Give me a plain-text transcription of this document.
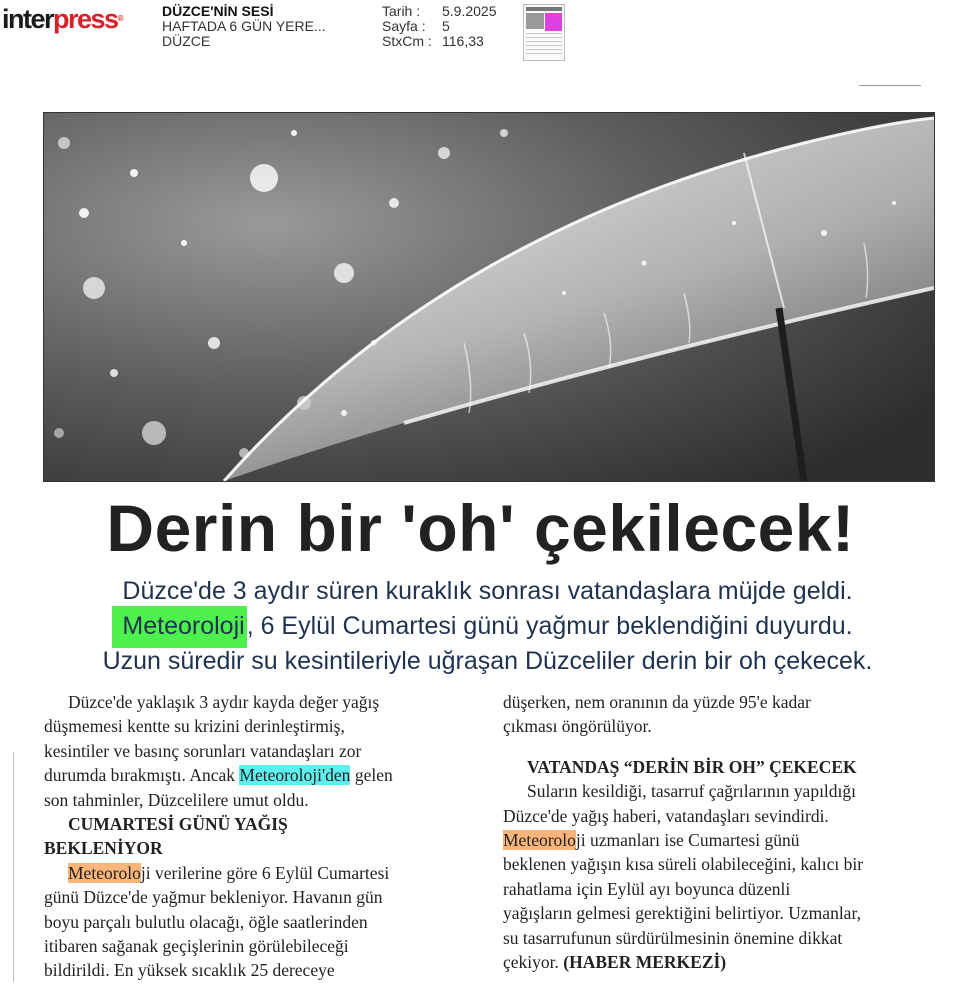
interpress®	DÜZCE'NİN SESİ
HAFTADA 6 GÜN YERE...
DÜZCE
Tarih :	5.9.2025
Sayfa :	5
StxCm : 116,33
Derin bir 'oh' çekilecek!
Düzce'de 3 aydır süren kuraklık sonrası vatandaşlara müjde geldi.
Meteoroloji, 6 Eylül Cumartesi günü yağmur beklendiğini duyurdu.
Uzun süredir su kesintileriyle uğraşan Düzceliler derin bir oh çekecek.
Düzce'de yaklaşık 3 aydır kayda değer yağış
düşmemesi kentte su krizini derinleştirmiş,
kesintiler ve basınç sorunları vatandaşları zor
durumda bırakmıştı. Ancak Meteoroloji'den gelen
son tahminler, Düzcelilere umut oldu.
CUMARTESİ GÜNÜ YAĞIŞ
BEKLENİYOR
Meteoroloji verilerine göre 6 Eylül Cumartesi
günü Düzce'de yağmur bekleniyor. Havanın gün
boyu parçalı bulutlu olacağı, öğle saatlerinden
itibaren sağanak geçişlerinin görülebileceği
bildirildi. En yüksek sıcaklık 25 dereceye
düşerken, nem oranının da yüzde 95'e kadar
çıkması öngörülüyor.
VATANDAŞ “DERİN BİR OH” ÇEKECEK
Suların kesildiği, tasarruf çağrılarının yapıldığı
Düzce'de yağış haberi, vatandaşları sevindirdi.
Meteoroloji uzmanları ise Cumartesi günü
beklenen yağışın kısa süreli olabileceğini, kalıcı bir
rahatlama için Eylül ayı boyunca düzenli
yağışların gelmesi gerektiğini belirtiyor. Uzmanlar,
su tasarrufunun sürdürülmesinin önemine dikkat
çekiyor. (HABER MERKEZİ)
